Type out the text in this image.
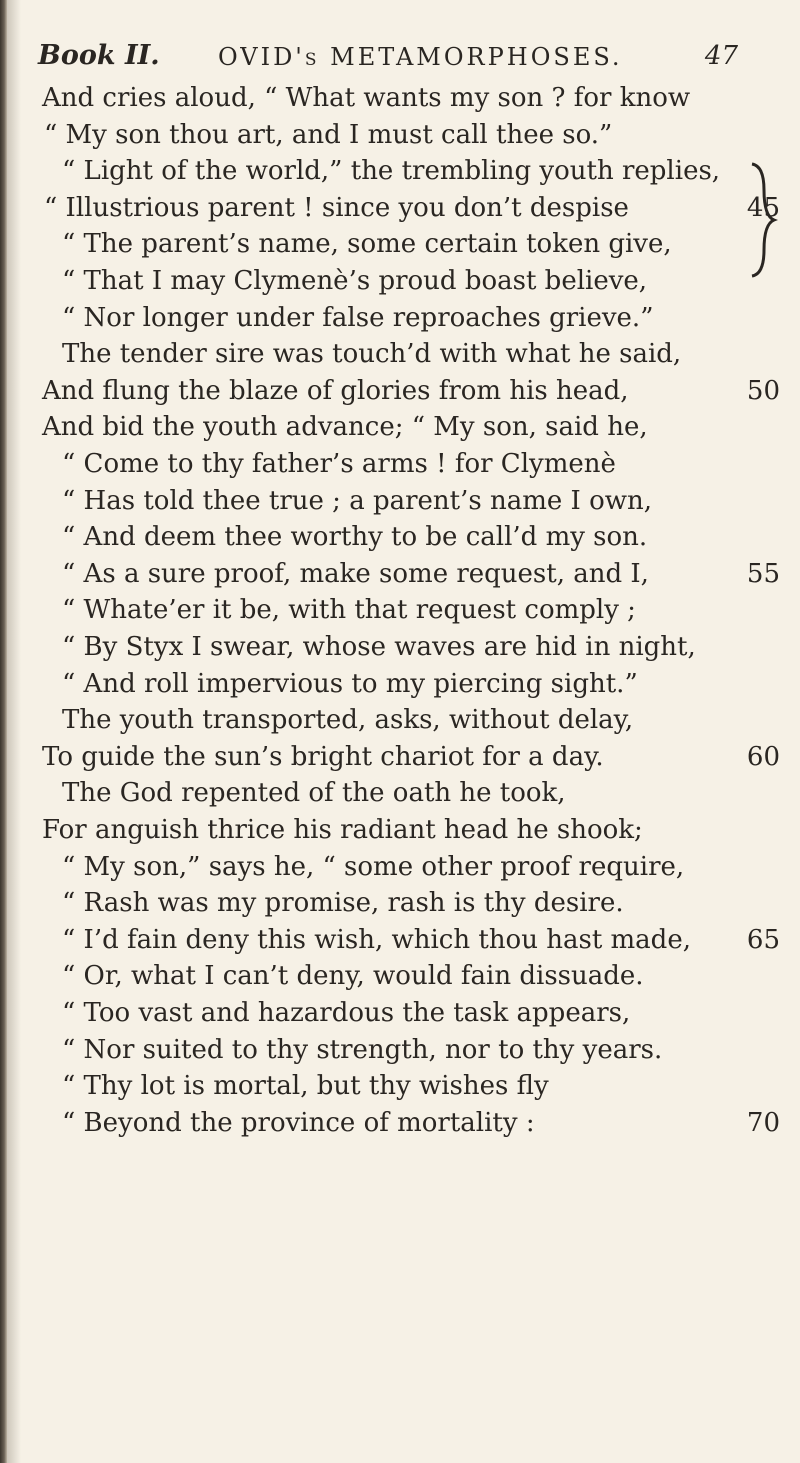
Book II. OVID's METAMORPHOSES.	47
And cries aloud, “ What wants my son ? for know
“ My son thou art, and I must call thee so.”
“ Light of the world,” the trembling youth replies,
“ Illustrious parent ! since you don’t despise	45
“ The parent’s name, some certain token give,
“ That I may Clymenè’s proud boast believe,
“ Nor longer under false reproaches grieve.”
The tender sire was touch’d with what he said,
And flung the blaze of glories from his head,	50
And bid the youth advance; “ My son, said he,
“ Come to thy father’s arms ! for Clymenè
“ Has told thee true ; a parent’s name I own,
“ And deem thee worthy to be call’d my son.
“ As a sure proof, make some request, and I,	55
“ Whate’er it be, with that request comply ;
“ By Styx I swear, whose waves are hid in night,
“ And roll impervious to my piercing sight.”
The youth transported, asks, without delay,
To guide the sun’s bright chariot for a day.	60
The God repented of the oath he took,
For anguish thrice his radiant head he shook;
“ My son,” says he, “ some other proof require,
“ Rash was my promise, rash is thy desire.
“ I’d fain deny this wish, which thou hast made, 65
“ Or, what I can’t deny, would fain dissuade.
“ Too vast and hazardous the task appears,
“ Nor suited to thy strength, nor to thy years.
“ Thy lot is mortal, but thy wishes fly
“ Beyond the province of mortality :	70
